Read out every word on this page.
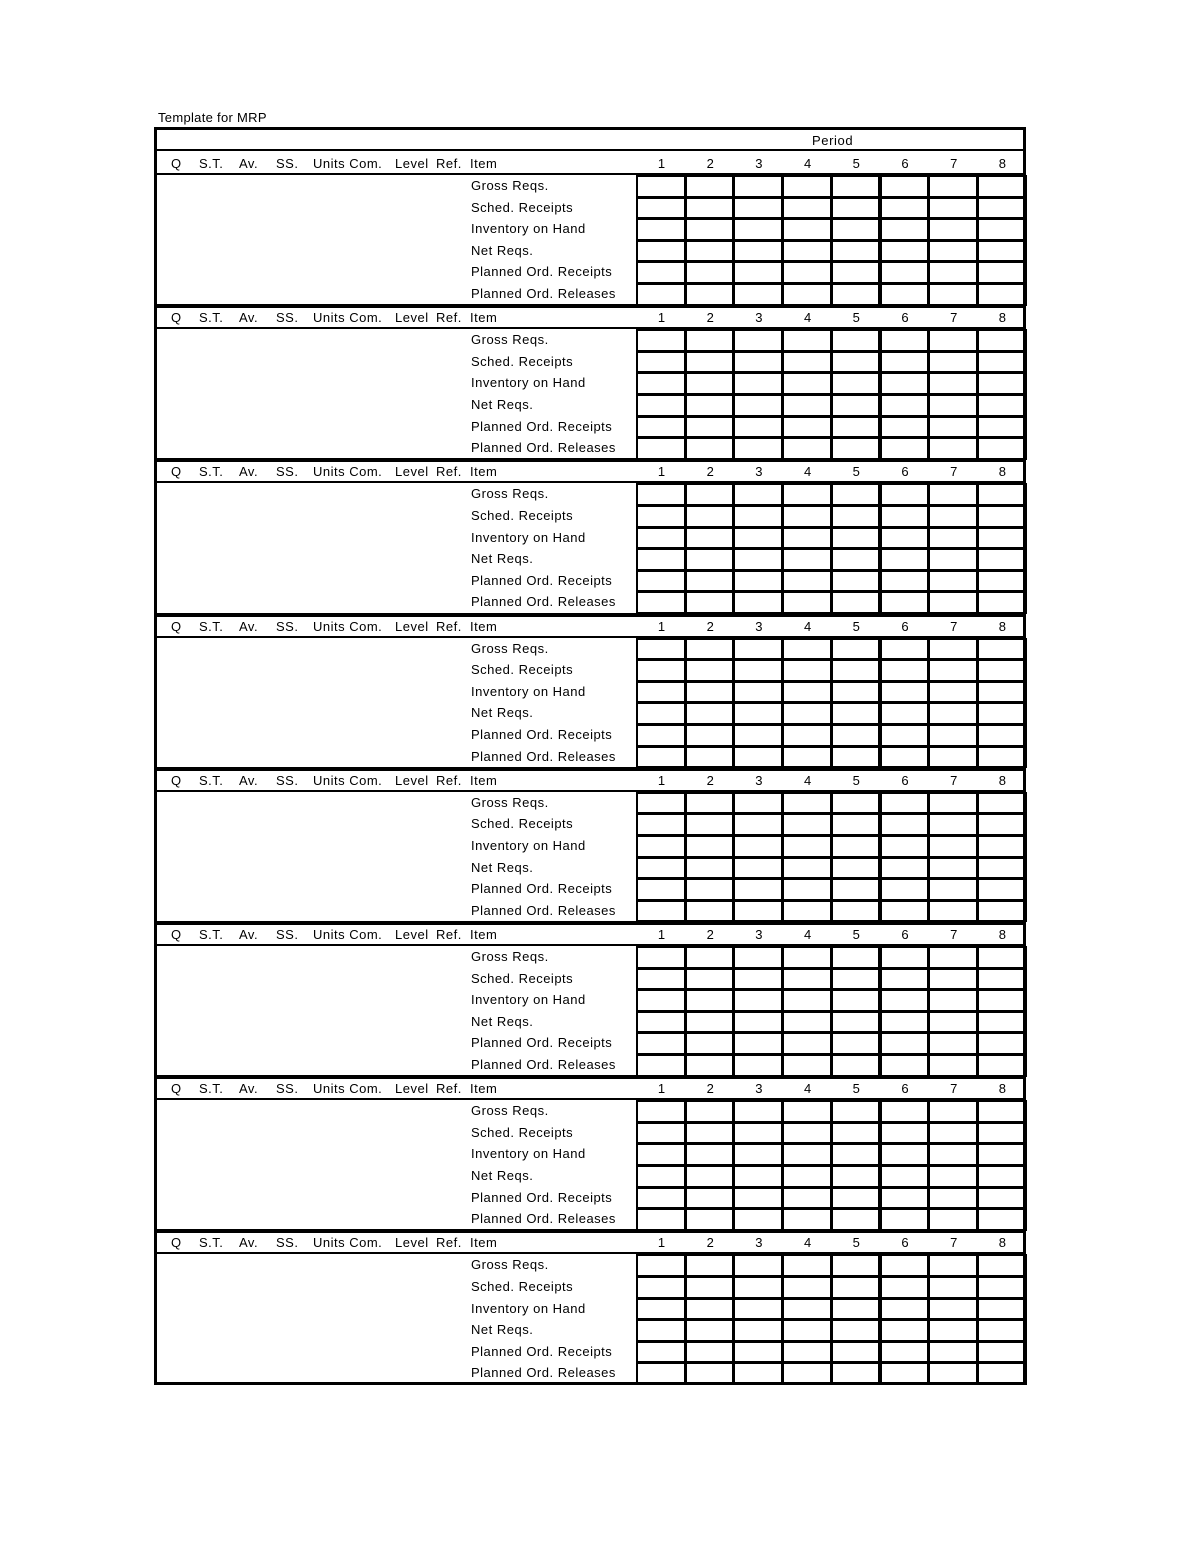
Template for MRP
Period
Q S.T. Av. SS. Units Com. Level Ref. Item	1	2	3	4	5	6	7	8
Gross Reqs.
Sched. Receipts
Inventory on Hand
Net Reqs.
Planned Ord. Receipts
Planned Ord. Releases
Q S.T. Av. SS. Units Com. Level Ref. Item	1	2	3	4	5	6	7	8
Gross Reqs.
Sched. Receipts
Inventory on Hand
Net Reqs.
Planned Ord. Receipts
Planned Ord. Releases
Q S.T. Av. SS. Units Com. Level Ref. Item	1	2	3	4	5	6	7	8
Gross Reqs.
Sched. Receipts
Inventory on Hand
Net Reqs.
Planned Ord. Receipts
Planned Ord. Releases
Q S.T. Av. SS. Units Com. Level Ref. Item	1	2	3	4	5	6	7	8
Gross Reqs.
Sched. Receipts
Inventory on Hand
Net Reqs.
Planned Ord. Receipts
Planned Ord. Releases
Q S.T. Av. SS. Units Com. Level Ref. Item	1	2	3	4	5	6	7	8
Gross Reqs.
Sched. Receipts
Inventory on Hand
Net Reqs.
Planned Ord. Receipts
Planned Ord. Releases
Q S.T. Av. SS. Units Com. Level Ref. Item	1	2	3	4	5	6	7	8
Gross Reqs.
Sched. Receipts
Inventory on Hand
Net Reqs.
Planned Ord. Receipts
Planned Ord. Releases
Q S.T. Av. SS. Units Com. Level Ref. Item	1	2	3	4	5	6	7	8
Gross Reqs.
Sched. Receipts
Inventory on Hand
Net Reqs.
Planned Ord. Receipts
Planned Ord. Releases
Q S.T. Av. SS. Units Com. Level Ref. Item	1	2	3	4	5	6	7	8
Gross Reqs.
Sched. Receipts
Inventory on Hand
Net Reqs.
Planned Ord. Receipts
Planned Ord. Releases
